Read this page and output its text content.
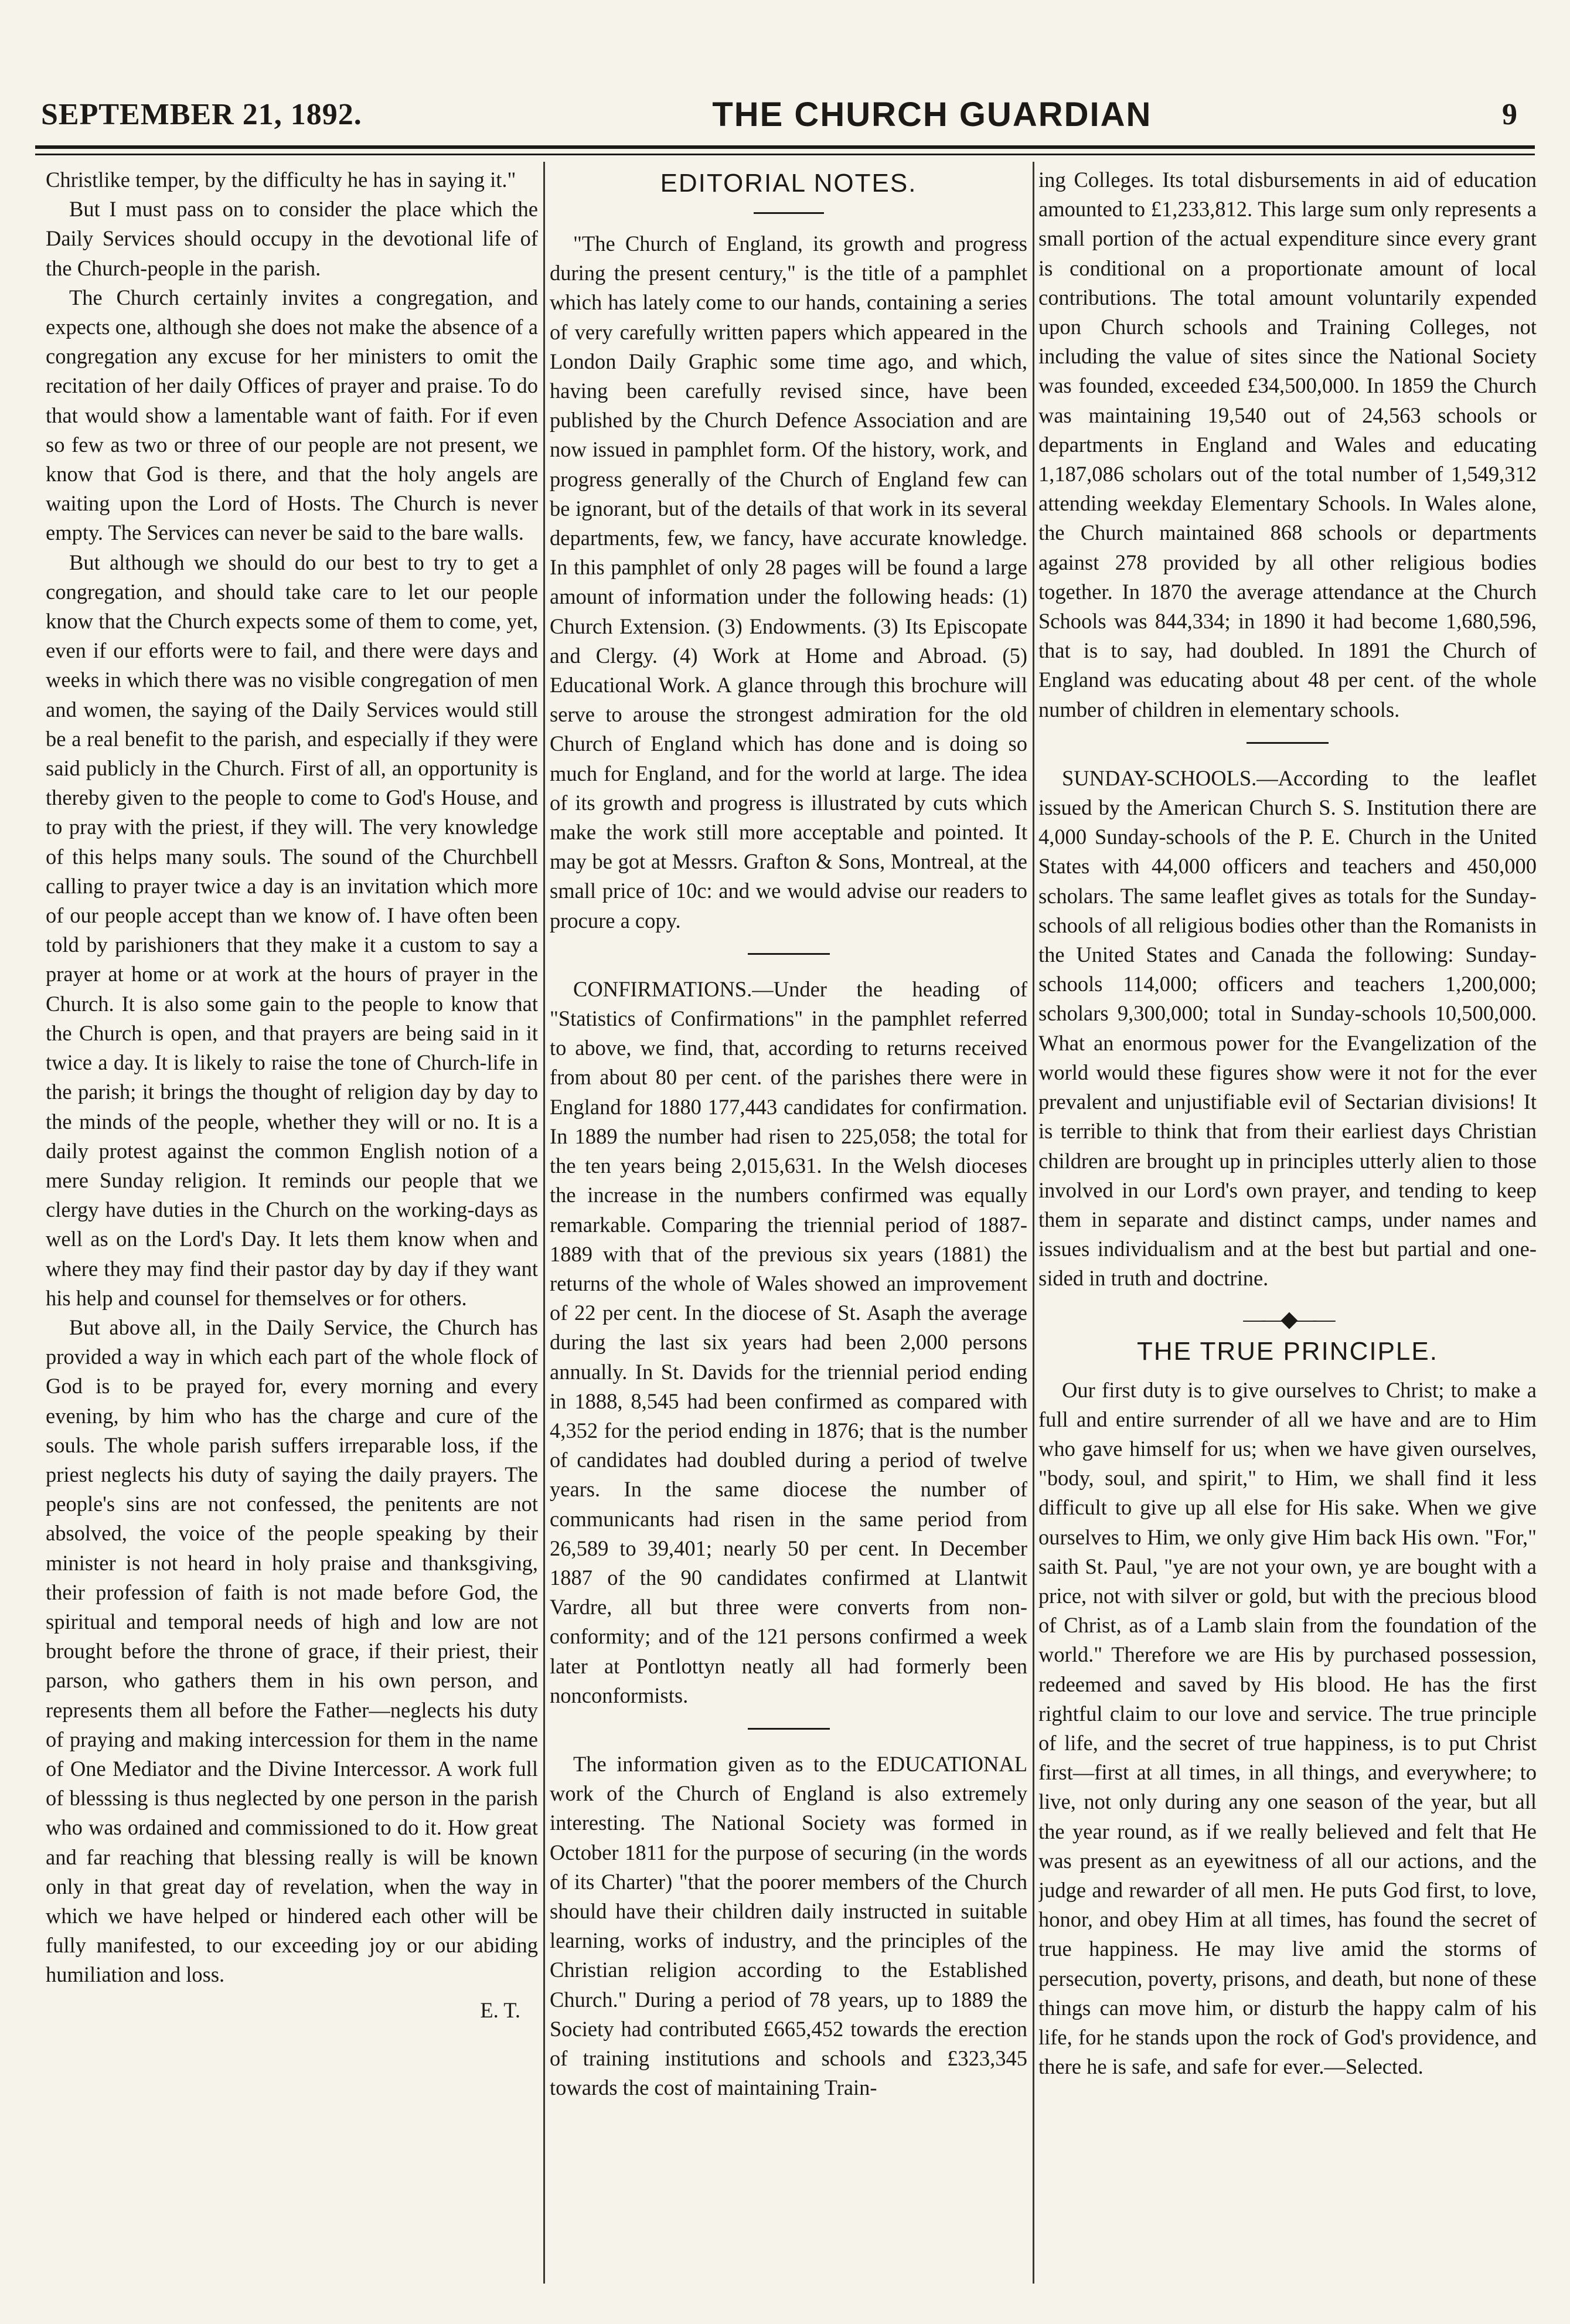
SEPTEMBER 21, 1892.	THE CHURCH GUARDIAN	9

Christlike temper, by the difficulty he has in saying it."

But I must pass on to consider the place which the Daily Services should occupy in the devotional life of the Church-people in the parish.

The Church certainly invites a congregation, and expects one, although she does not make the absence of a congregation any excuse for her ministers to omit the recitation of her daily Offices of prayer and praise. To do that would show a lamentable want of faith. For if even so few as two or three of our people are not present, we know that God is there, and that the holy angels are waiting upon the Lord of Hosts. The Church is never empty. The Services can never be said to the bare walls.

But although we should do our best to try to get a congregation, and should take care to let our people know that the Church expects some of them to come, yet, even if our efforts were to fail, and there were days and weeks in which there was no visible congregation of men and women, the saying of the Daily Services would still be a real benefit to the parish, and especially if they were said publicly in the Church. First of all, an opportunity is thereby given to the people to come to God's House, and to pray with the priest, if they will. The very knowledge of this helps many souls. The sound of the Churchbell calling to prayer twice a day is an invitation which more of our people accept than we know of. I have often been told by parishioners that they make it a custom to say a prayer at home or at work at the hours of prayer in the Church. It is also some gain to the people to know that the Church is open, and that prayers are being said in it twice a day. It is likely to raise the tone of Church-life in the parish; it brings the thought of religion day by day to the minds of the people, whether they will or no. It is a daily protest against the common English notion of a mere Sunday religion. It reminds our people that we clergy have duties in the Church on the working-days as well as on the Lord's Day. It lets them know when and where they may find their pastor day by day if they want his help and counsel for themselves or for others.

But above all, in the Daily Service, the Church has provided a way in which each part of the whole flock of God is to be prayed for, every morning and every evening, by him who has the charge and cure of the souls. The whole parish suffers irreparable loss, if the priest neglects his duty of saying the daily prayers. The people's sins are not confessed, the penitents are not absolved, the voice of the people speaking by their minister is not heard in holy praise and thanksgiving, their profession of faith is not made before God, the spiritual and temporal needs of high and low are not brought before the throne of grace, if their priest, their parson, who gathers them in his own person, and represents them all before the Father—neglects his duty of praying and making intercession for them in the name of One Mediator and the Divine Intercessor. A work full of blesssing is thus neglected by one person in the parish who was ordained and commissioned to do it. How great and far reaching that blessing really is will be known only in that great day of revelation, when the way in which we have helped or hindered each other will be fully manifested, to our exceeding joy or our abiding humiliation and loss.

E. T.
EDITORIAL NOTES.

"The Church of England, its growth and progress during the present century," is the title of a pamphlet which has lately come to our hands, containing a series of very carefully written papers which appeared in the London Daily Graphic some time ago, and which, having been carefully revised since, have been published by the Church Defence Association and are now issued in pamphlet form. Of the history, work, and progress generally of the Church of England few can be ignorant, but of the details of that work in its several departments, few, we fancy, have accurate knowledge. In this pamphlet of only 28 pages will be found a large amount of information under the following heads: (1) Church Extension. (3) Endowments. (3) Its Episcopate and Clergy. (4) Work at Home and Abroad. (5) Educational Work. A glance through this brochure will serve to arouse the strongest admiration for the old Church of England which has done and is doing so much for England, and for the world at large. The idea of its growth and progress is illustrated by cuts which make the work still more acceptable and pointed. It may be got at Messrs. Grafton & Sons, Montreal, at the small price of 10c: and we would advise our readers to procure a copy.

CONFIRMATIONS.—Under the heading of "Statistics of Confirmations" in the pamphlet referred to above, we find, that, according to returns received from about 80 per cent. of the parishes there were in England for 1880 177,443 candidates for confirmation. In 1889 the number had risen to 225,058; the total for the ten years being 2,015,631. In the Welsh dioceses the increase in the numbers confirmed was equally remarkable. Comparing the triennial period of 1887-1889 with that of the previous six years (1881) the returns of the whole of Wales showed an improvement of 22 per cent. In the diocese of St. Asaph the average during the last six years had been 2,000 persons annually. In St. Davids for the triennial period ending in 1888, 8,545 had been confirmed as compared with 4,352 for the period ending in 1876; that is the number of candidates had doubled during a period of twelve years. In the same diocese the number of communicants had risen in the same period from 26,589 to 39,401; nearly 50 per cent. In December 1887 of the 90 candidates confirmed at Llantwit Vardre, all but three were converts from non-conformity; and of the 121 persons confirmed a week later at Pontlottyn neatly all had formerly been nonconformists.

The information given as to the EDUCATIONAL work of the Church of England is also extremely interesting. The National Society was formed in October 1811 for the purpose of securing (in the words of its Charter) "that the poorer members of the Church should have their children daily instructed in suitable learning, works of industry, and the principles of the Christian religion according to the Established Church." During a period of 78 years, up to 1889 the Society had contributed £665,452 towards the erection of training institutions and schools and £323,345 towards the cost of maintaining Train-

ing Colleges. Its total disbursements in aid of education amounted to £1,233,812. This large sum only represents a small portion of the actual expenditure since every grant is conditional on a proportionate amount of local contributions. The total amount voluntarily expended upon Church schools and Training Colleges, not including the value of sites since the National Society was founded, exceeded £34,500,000. In 1859 the Church was maintaining 19,540 out of 24,563 schools or departments in England and Wales and educating 1,187,086 scholars out of the total number of 1,549,312 attending weekday Elementary Schools. In Wales alone, the Church maintained 868 schools or departments against 278 provided by all other religious bodies together. In 1870 the average attendance at the Church Schools was 844,334; in 1890 it had become 1,680,596, that is to say, had doubled. In 1891 the Church of England was educating about 48 per cent. of the whole number of children in elementary schools.

SUNDAY-SCHOOLS.—According to the leaflet issued by the American Church S. S. Institution there are 4,000 Sunday-schools of the P. E. Church in the United States with 44,000 officers and teachers and 450,000 scholars. The same leaflet gives as totals for the Sunday-schools of all religious bodies other than the Romanists in the United States and Canada the following: Sunday-schools 114,000; officers and teachers 1,200,000; scholars 9,300,000; total in Sunday-schools 10,500,000. What an enormous power for the Evangelization of the world would these figures show were it not for the ever prevalent and unjustifiable evil of Sectarian divisions! It is terrible to think that from their earliest days Christian children are brought up in principles utterly alien to those involved in our Lord's own prayer, and tending to keep them in separate and distinct camps, under names and issues individualism and at the best but partial and one-sided in truth and doctrine.

——◆——
THE TRUE PRINCIPLE.

Our first duty is to give ourselves to Christ; to make a full and entire surrender of all we have and are to Him who gave himself for us; when we have given ourselves, "body, soul, and spirit," to Him, we shall find it less difficult to give up all else for His sake. When we give ourselves to Him, we only give Him back His own. "For," saith St. Paul, "ye are not your own, ye are bought with a price, not with silver or gold, but with the precious blood of Christ, as of a Lamb slain from the foundation of the world." Therefore we are His by purchased possession, redeemed and saved by His blood. He has the first rightful claim to our love and service. The true principle of life, and the secret of true happiness, is to put Christ first—first at all times, in all things, and everywhere; to live, not only during any one season of the year, but all the year round, as if we really believed and felt that He was present as an eyewitness of all our actions, and the judge and rewarder of all men. He puts God first, to love, honor, and obey Him at all times, has found the secret of true happiness. He may live amid the storms of persecution, poverty, prisons, and death, but none of these things can move him, or disturb the happy calm of his life, for he stands upon the rock of God's providence, and there he is safe, and safe for ever.—Selected.
